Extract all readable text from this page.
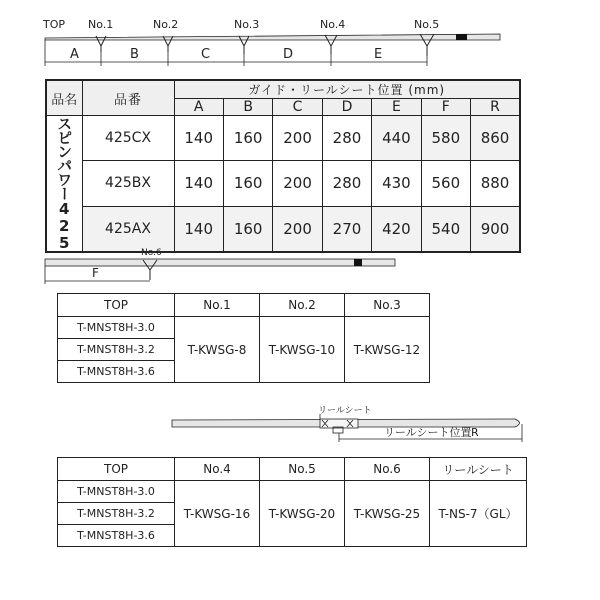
TOP No.1	No.2	No.3	No.4	No.5
A	B	C	D	E
品名	品番	ガイド・リールシート位置 (mm)						
		A	B	C	D	E	F	R
スピンパワー425	425CX	140	160	200	280	440	580	860
	425BX	140	160	200	280	430	560	880
	425AX	140	160	200	270	420	540	900
No.6
F
TOP	No.1	No.2	No.3
T-MNST8H-3.0	T-KWSG-8	T-KWSG-10	T-KWSG-12
T-MNST8H-3.2			
T-MNST8H-3.6			
リールシート
リールシート位置 R
TOP	No.4	No.5	No.6	リールシート
T-MNST8H-3.0	T-KWSG-16	T-KWSG-20	T-KWSG-25	T-NS-7（GL）
T-MNST8H-3.2				
T-MNST8H-3.6				
